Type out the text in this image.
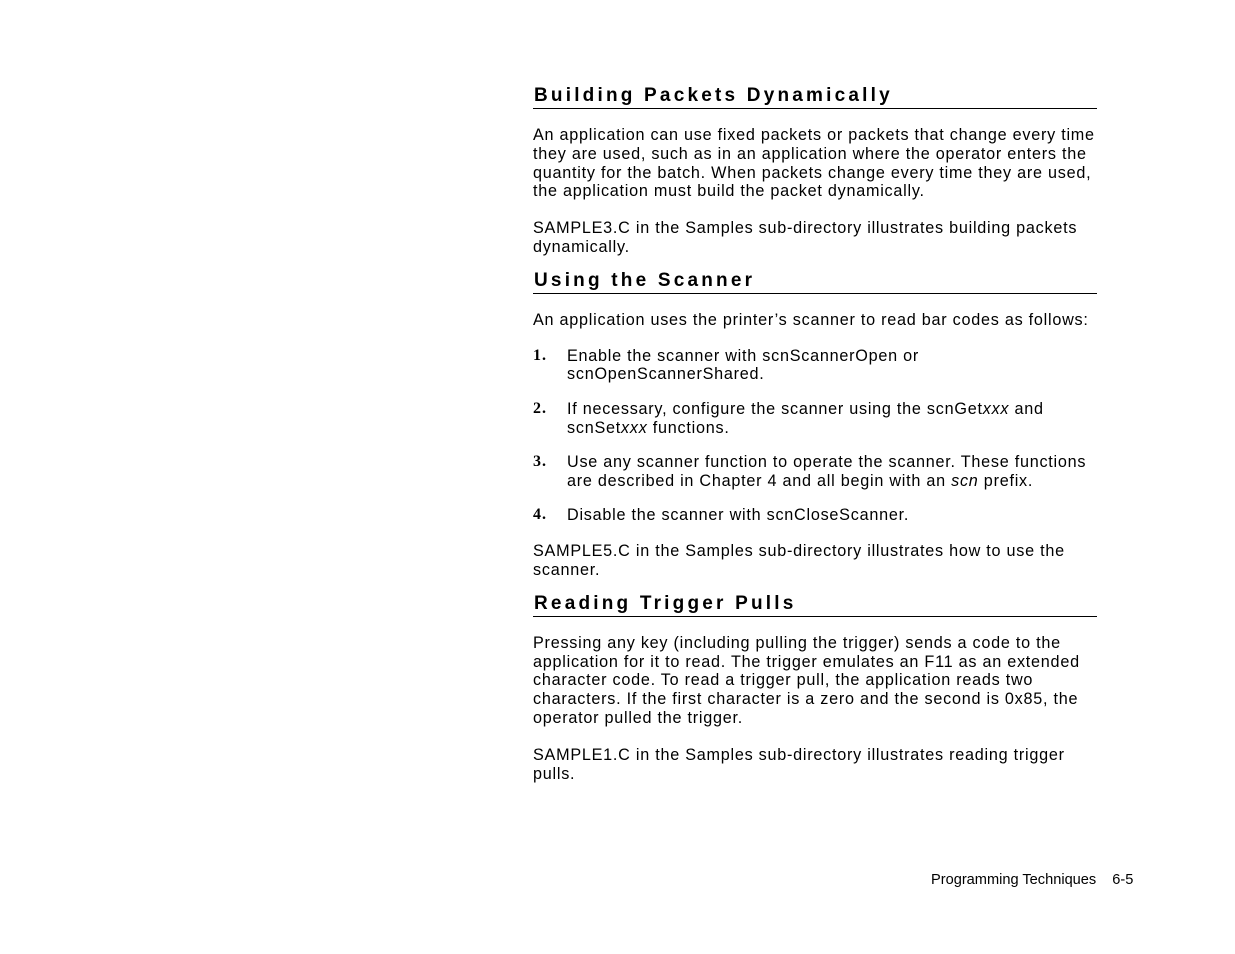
Building Packets Dynamically

An application can use fixed packets or packets that change every time they are used, such as in an application where the operator enters the quantity for the batch. When packets change every time they are used, the application must build the packet dynamically.

SAMPLE3.C in the Samples sub-directory illustrates building packets dynamically.

Using the Scanner

An application uses the printer’s scanner to read bar codes as follows:

1.	Enable the scanner with scnScannerOpen or scnOpenScannerShared.
2.	If necessary, configure the scanner using the scnGetxxx and scnSetxxx functions.
3.	Use any scanner function to operate the scanner. These functions are described in Chapter 4 and all begin with an scn prefix.
4.	Disable the scanner with scnCloseScanner.

SAMPLE5.C in the Samples sub-directory illustrates how to use the scanner.

Reading Trigger Pulls

Pressing any key (including pulling the trigger) sends a code to the application for it to read. The trigger emulates an F11 as an extended character code. To read a trigger pull, the application reads two characters. If the first character is a zero and the second is 0x85, the operator pulled the trigger.

SAMPLE1.C in the Samples sub-directory illustrates reading trigger pulls.

Programming Techniques 6-5
